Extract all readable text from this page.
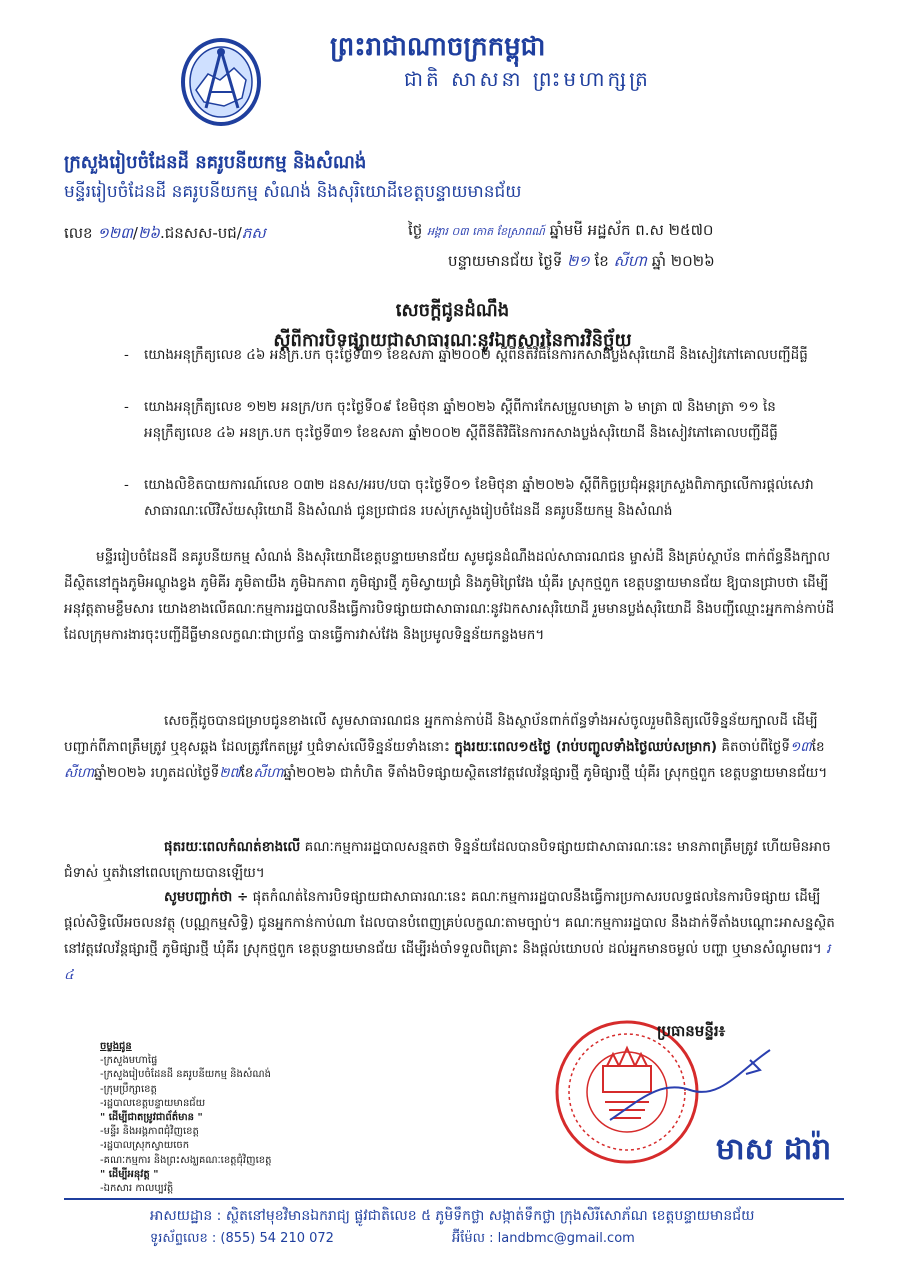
ព្រះរាជាណាចក្រកម្ពុជា
ជាតិ សាសនា ព្រះមហាក្សត្រ
ក្រសួងរៀបចំដែនដី នគរូបនីយកម្ម និងសំណង់
មន្ទីររៀបចំដែនដី នគរូបនីយកម្ម សំណង់ និងសុរិយោដីខេត្តបន្ទាយមានជ័យ
លេខ ១២៣/២៦.ជនសស-បជ/ភស	ថ្ងៃ អង្គារ ០៣ កោត ខែស្រាពណ៍ ឆ្នាំមមី អដ្ឋស័ក ព.ស ២៥៧០
បន្ទាយមានជ័យ ថ្ងៃទី ២១ ខែ សីហា ឆ្នាំ ២០២៦
សេចក្តីជូនដំណឹង
ស្តីពីការបិទផ្សាយជាសាធារណៈនូវឯកសារនៃការវិនិច្ឆ័យ
- យោងអនុក្រឹត្យលេខ ៤៦ អនក្រ.បក ចុះថ្ងៃទី៣១ ខែឧសភា ឆ្នាំ២០០២ ស្តីពីនីតិវិធីនៃការកសាងប្លង់សុរិយោដី និងសៀវភៅគោលបញ្ជីដីធ្លី
- យោងអនុក្រឹត្យលេខ ១២២ អនក្រ/បក ចុះថ្ងៃទី០៩ ខែមិថុនា ឆ្នាំ២០២៦ ស្តីពីការកែសម្រួលមាត្រា ៦ មាត្រា ៧ និងមាត្រា ១១ នៃអនុក្រឹត្យលេខ ៤៦ អនក្រ.បក ចុះថ្ងៃទី៣១ ខែឧសភា ឆ្នាំ២០០២ ស្តីពីនីតិវិធីនៃការកសាងប្លង់សុរិយោដី និងសៀវភៅគោលបញ្ជីដីធ្លី
- យោងលិខិតបាយការណ៍លេខ ០៣២ ដនស/អរប/បបា ចុះថ្ងៃទី០១ ខែមិថុនា ឆ្នាំ២០២៦ ស្តីពីកិច្ចប្រជុំអន្តរក្រសួងពិភាក្សាលើការផ្តល់សេវាសាធារណៈលើវិស័យសុរិយោដី និងសំណង់ ជូនប្រជាជន របស់ក្រសួងរៀបចំដែនដី នគរូបនីយកម្ម និងសំណង់
មន្ទីររៀបចំដែនដី នគរូបនីយកម្ម សំណង់ និងសុរិយោដីខេត្តបន្ទាយមានជ័យ សូមជូនដំណឹងដល់សាធារណជន ម្ចាស់ដី និងគ្រប់ស្ថាប័ន ពាក់ព័ន្ធនឹងក្បាលដីស្ថិតនៅក្នុងភូមិអណ្តូងខ្វង ភូមិគីរ ភូមិតាយឹង ភូមិឯកភាព ភូមិផ្សារថ្មី ភូមិស្វាយជ្រំ និងភូមិព្រៃវែង ឃុំគីរ ស្រុកថ្មពួក ខេត្តបន្ទាយមានជ័យ ឱ្យបានជ្រាបថា ដើម្បីអនុវត្តតាមខ្លឹមសារ យោងខាងលើគណៈកម្មការរដ្ឋបាលនឹងធ្វើការបិទផ្សាយជាសាធារណៈនូវឯកសារសុរិយោដី រួមមានប្លង់សុរិយោដី និងបញ្ជីឈ្មោះអ្នកកាន់កាប់ដីដែលក្រុមការងារចុះបញ្ជីដីធ្លីមានលក្ខណៈជាប្រព័ន្ធ បានធ្វើការវាស់វែង និងប្រមូលទិន្នន័យកន្លងមក។
សេចក្តីដូចបានជម្រាបជូនខាងលើ សូមសាធារណជន អ្នកកាន់កាប់ដី និងស្ថាប័នពាក់ព័ន្ធទាំងអស់ចូលរួមពិនិត្យលើទិន្នន័យក្បាលដី ដើម្បីបញ្ជាក់ពីភាពត្រឹមត្រូវ ឬខុសឆ្គង ដែលត្រូវកែតម្រូវ ឬជំទាស់លើទិន្នន័យទាំងនោះ ក្នុងរយៈពេល១៥ថ្ងៃ (រាប់បញ្ចូលទាំងថ្ងៃឈប់សម្រាក) គិតចាប់ពីថ្ងៃទី១៣ខែសីហាឆ្នាំ២០២៦ រហូតដល់ថ្ងៃទី២៧ខែសីហាឆ្នាំ២០២៦ ជាកំហិត ទីតាំងបិទផ្សាយស្ថិតនៅវត្តវេលវ័ន្តផ្សារថ្មី ភូមិផ្សារថ្មី ឃុំគីរ ស្រុកថ្មពួក ខេត្តបន្ទាយមានជ័យ។
ផុតរយៈពេលកំណត់ខាងលើ គណៈកម្មការរដ្ឋបាលសន្មតថា ទិន្នន័យដែលបានបិទផ្សាយជាសាធារណៈនេះ មានភាពត្រឹមត្រូវ ហើយមិនអាចជំទាស់ ឬតវ៉ានៅពេលក្រោយបានឡើយ។
សូមបញ្ជាក់ថា ÷ ផុតកំណត់នៃការបិទផ្សាយជាសាធារណៈនេះ គណៈកម្មការរដ្ឋបាលនឹងធ្វើការប្រកាសរបលទ្ធផលនៃការបិទផ្សាយ ដើម្បីផ្តល់សិទ្ធិលើអចលនវត្ថុ (បណ្ណកម្មសិទ្ធិ) ជូនអ្នកកាន់កាប់ណា ដែលបានបំពេញគ្រប់លក្ខណៈតាមច្បាប់។ គណៈកម្មការរដ្ឋបាល នឹងដាក់ទីតាំងបណ្តោះអាសន្នស្ថិតនៅវត្តវេលវ័ន្តផ្សារថ្មី ភូមិផ្សារថ្មី ឃុំគីរ ស្រុកថ្មពួក ខេត្តបន្ទាយមានជ័យ ដើម្បីរង់ចាំទទួលពិគ្រោះ និងផ្តល់យោបល់ ដល់អ្នកមានចម្ងល់ បញ្ហា ឬមានសំណូមពរ។ រ ៤
ចម្លងជូន
-ក្រសួងមហាផ្ទៃ
-ក្រសួងរៀបចំដែនដី នគរូបនីយកម្ម និងសំណង់
-ក្រុមប្រឹក្សាខេត្ត
-រដ្ឋបាលខេត្តបន្ទាយមានជ័យ
" ដើម្បីជាតម្រូវជាព័ត៌មាន "
-មន្ទីរ និងអង្គភាពជុំវិញខេត្ត
-រដ្ឋបាលស្រុកស្វាយចេក
-គណៈកម្មការ និងព្រះសង្ឃគណៈខេត្តជុំវិញខេត្ត
" ដើម្បីអនុវត្ត "
-ឯកសារ កាលប្បវត្តិ
ប្រធានមន្ទីរ៖
មាស ដារ៉ា
អាសយដ្ឋាន : ស្ថិតនៅមុខវិមានឯករាជ្យ ផ្លូវជាតិលេខ ៥ ភូមិទឹកថ្លា សង្កាត់ទឹកថ្លា ក្រុងសិរីសោភ័ណ ខេត្តបន្ទាយមានជ័យ
ទូរស័ព្ទលេខ : (855) 54 210 072	អ៊ីម៉ែល : landbmc@gmail.com
